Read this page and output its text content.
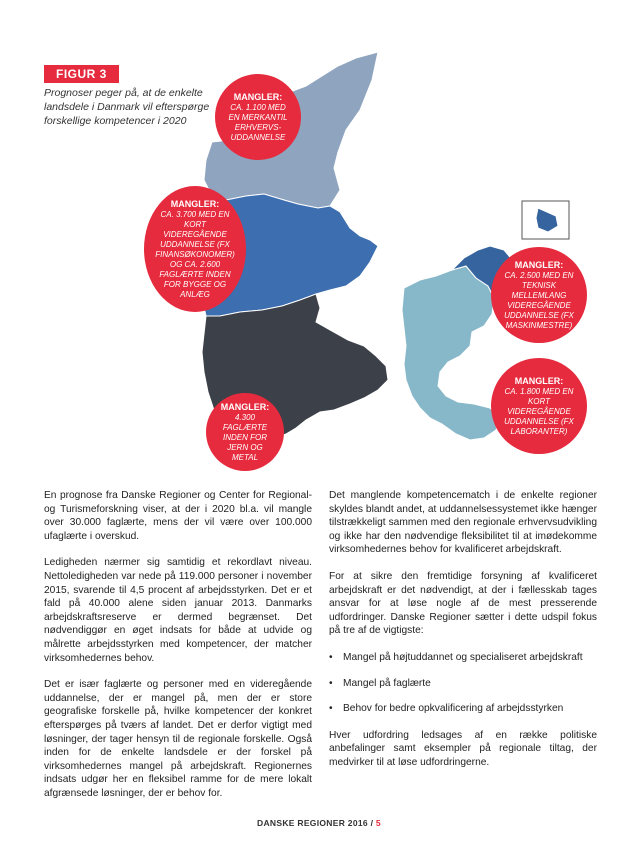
FIGUR 3
Prognoser peger på, at de enkelte landsdele i Danmark vil efterspørge forskellige kompetencer i 2020
MANGLER:
CA. 1.100 MED EN MERKANTIL ERHVERVS-UDDANNELSE
MANGLER:
CA. 3.700 MED EN KORT VIDEREGÅENDE UDDANNELSE (FX FINANSØKONOMER) OG CA. 2.600 FAGLÆRTE INDEN FOR BYGGE OG ANLÆG
MANGLER:
CA. 2.500 MED EN TEKNISK MELLEMLANG VIDEREGÅENDE UDDANNELSE (FX MASKINMESTRE)
MANGLER:
CA. 1.800 MED EN KORT VIDEREGÅENDE UDDANNELSE (FX LABORANTER)
MANGLER:
4.300 FAGLÆRTE INDEN FOR JERN OG METAL

En prognose fra Danske Regioner og Center for Regional- og Turismeforskning viser, at der i 2020 bl.a. vil mangle over 30.000 faglærte, mens der vil være over 100.000 ufaglærte i overskud.

Ledigheden nærmer sig samtidig et rekordlavt niveau. Nettoledigheden var nede på 119.000 personer i november 2015, svarende til 4,5 procent af arbejdsstyrken. Det er et fald på 40.000 alene siden januar 2013. Danmarks arbejdskraftsreserve er dermed begrænset. Det nødvendiggør en øget indsats for både at udvide og målrette arbejdsstyrken med kompetencer, der matcher virksomhedernes behov.

Det er især faglærte og personer med en videregående uddannelse, der er mangel på, men der er store geografiske forskelle på, hvilke kompetencer der konkret efterspørges på tværs af landet. Det er derfor vigtigt med løsninger, der tager hensyn til de regionale forskelle. Også inden for de enkelte landsdele er der forskel på virksomhedernes mangel på arbejdskraft. Regionernes indsats udgør her en fleksibel ramme for de mere lokalt afgrænsede løsninger, der er behov for.

Det manglende kompetencematch i de enkelte regioner skyldes blandt andet, at uddannelsessystemet ikke hænger tilstrækkeligt sammen med den regionale erhvervsudvikling og ikke har den nødvendige fleksibilitet til at imødekomme virksomhedernes behov for kvalificeret arbejdskraft.

For at sikre den fremtidige forsyning af kvalificeret arbejdskraft er det nødvendigt, at der i fællesskab tages ansvar for at løse nogle af de mest presserende udfordringer. Danske Regioner sætter i dette udspil fokus på tre af de vigtigste:

• Mangel på højtuddannet og specialiseret arbejdskraft
• Mangel på faglærte
• Behov for bedre opkvalificering af arbejdsstyrken

Hver udfordring ledsages af en række politiske anbefalinger samt eksempler på regionale tiltag, der medvirker til at løse udfordringerne.

DANSKE REGIONER 2016 / 5
